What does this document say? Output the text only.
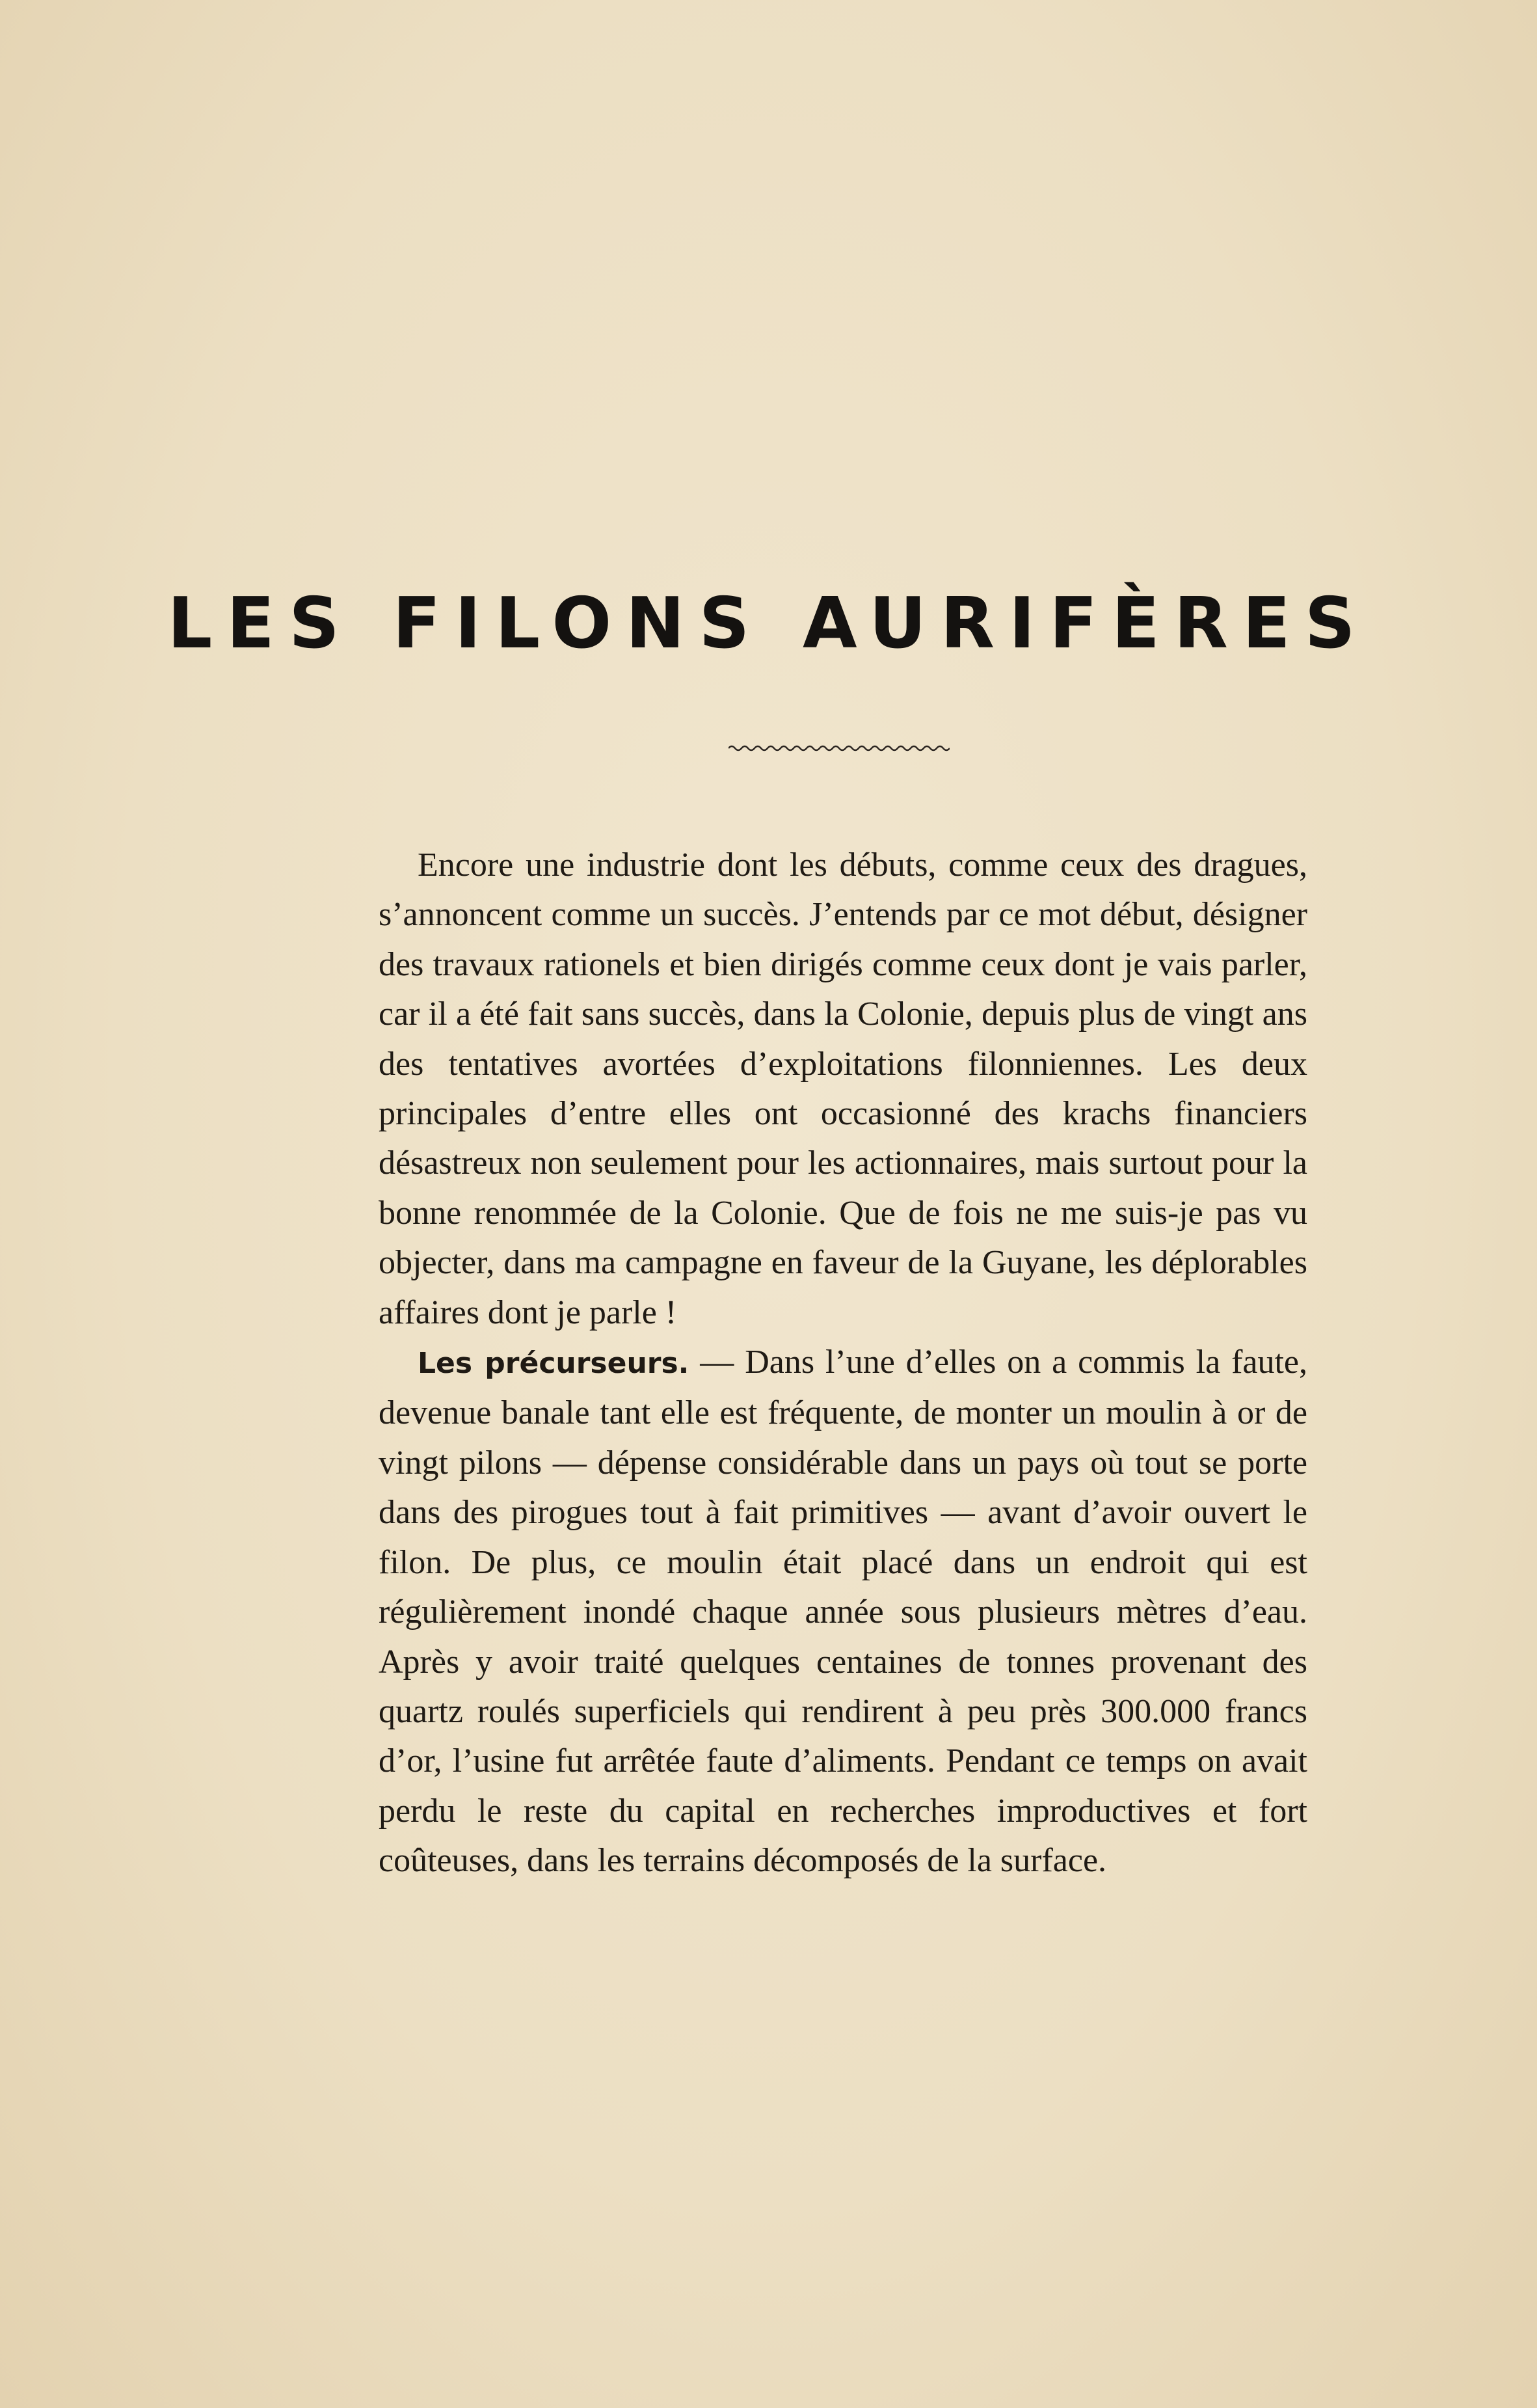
LES FILONS AURIFÈRES

Encore une industrie dont les débuts, comme ceux des dragues, s’annoncent comme un succès. J’entends par ce mot début, désigner des travaux rationels et bien dirigés comme ceux dont je vais parler, car il a été fait sans succès, dans la Colonie, depuis plus de vingt ans des tentatives avortées d’exploitations filonniennes. Les deux principales d’entre elles ont occasionné des krachs financiers désastreux non seulement pour les actionnaires, mais surtout pour la bonne renommée de la Colonie. Que de fois ne me suis-je pas vu objecter, dans ma campagne en faveur de la Guyane, les déplorables affaires dont je parle !

Les précurseurs. — Dans l’une d’elles on a commis la faute, devenue banale tant elle est fréquente, de monter un moulin à or de vingt pilons — dépense considérable dans un pays où tout se porte dans des pirogues tout à fait primitives — avant d’avoir ouvert le filon. De plus, ce moulin était placé dans un endroit qui est régulièrement inondé chaque année sous plusieurs mètres d’eau. Après y avoir traité quelques centaines de tonnes provenant des quartz roulés superficiels qui rendirent à peu près 300.000 francs d’or, l’usine fut arrêtée faute d’aliments. Pendant ce temps on avait perdu le reste du capital en recherches improductives et fort coûteuses, dans les terrains décomposés de la surface.
